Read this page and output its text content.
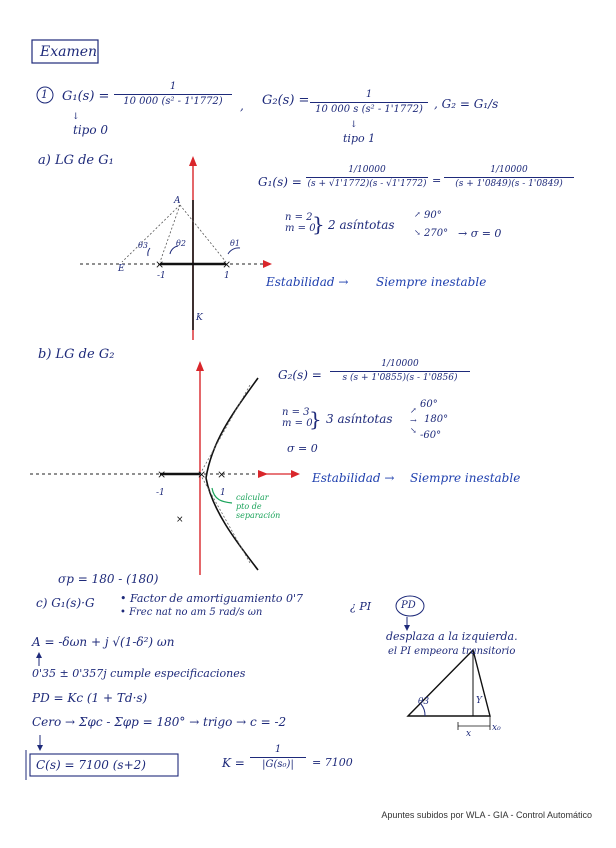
×	×
×	× ×
×
Examen
1 $G_1(s) = \frac{1}{\text{10 000 (s² - 1'1772)}}$
↓
tipo 0
, $G_2(s) = \frac{1}{\text{10 000 s (s² - 1'1772)}}$
↓
tipo 1
, G₂ = G₁/s
a) LG de G₁
A
θ3	θ2	θ1
E
-1	1
K
$G_1(s) = \frac{1/10000}{(s + √1'1772)(s - √1'1772)} = \frac{1/10000}{(s + 1'0849)(s - 1'0849)}$
n = 2
m = 0
} 2 asíntotas
↗ 90°
↘ 270° → σ = 0
Estabilidad → Siempre inestable
b) LG de G₂
$G_2(s) = \frac{1/10000}{s (s + 1'0855)(s - 1'0856)}$
n = 3
m = 0
} 3 asíntotas
↗
60°
→ 180°
↘ -60°
σ = 0
Estabilidad → Siempre inestable
-1	1 calcular
pto de
separación
σp = 180 - (180)
c) G₁(s)·G • Factor de amortiguamiento 0'7
• Frec nat no am 5 rad/s ωn	¿ PI	PD
desplaza a la izquierda.
el PI empeora transitorio
A = -δωn + j √(1-δ²) ωn
0'35 ± 0'357j cumple especificaciones
PD = Kc (1 + Td·s)
Cero → Σφc - Σφp = 180° → trigo → c = -2
θ3	Y
x
x₀
C(s) = 7100 (s+2)	$K = \frac{1}{\text{|G(s₀)|}} = 7100$
Apuntes subidos por WLA - GIA - Control Automático
